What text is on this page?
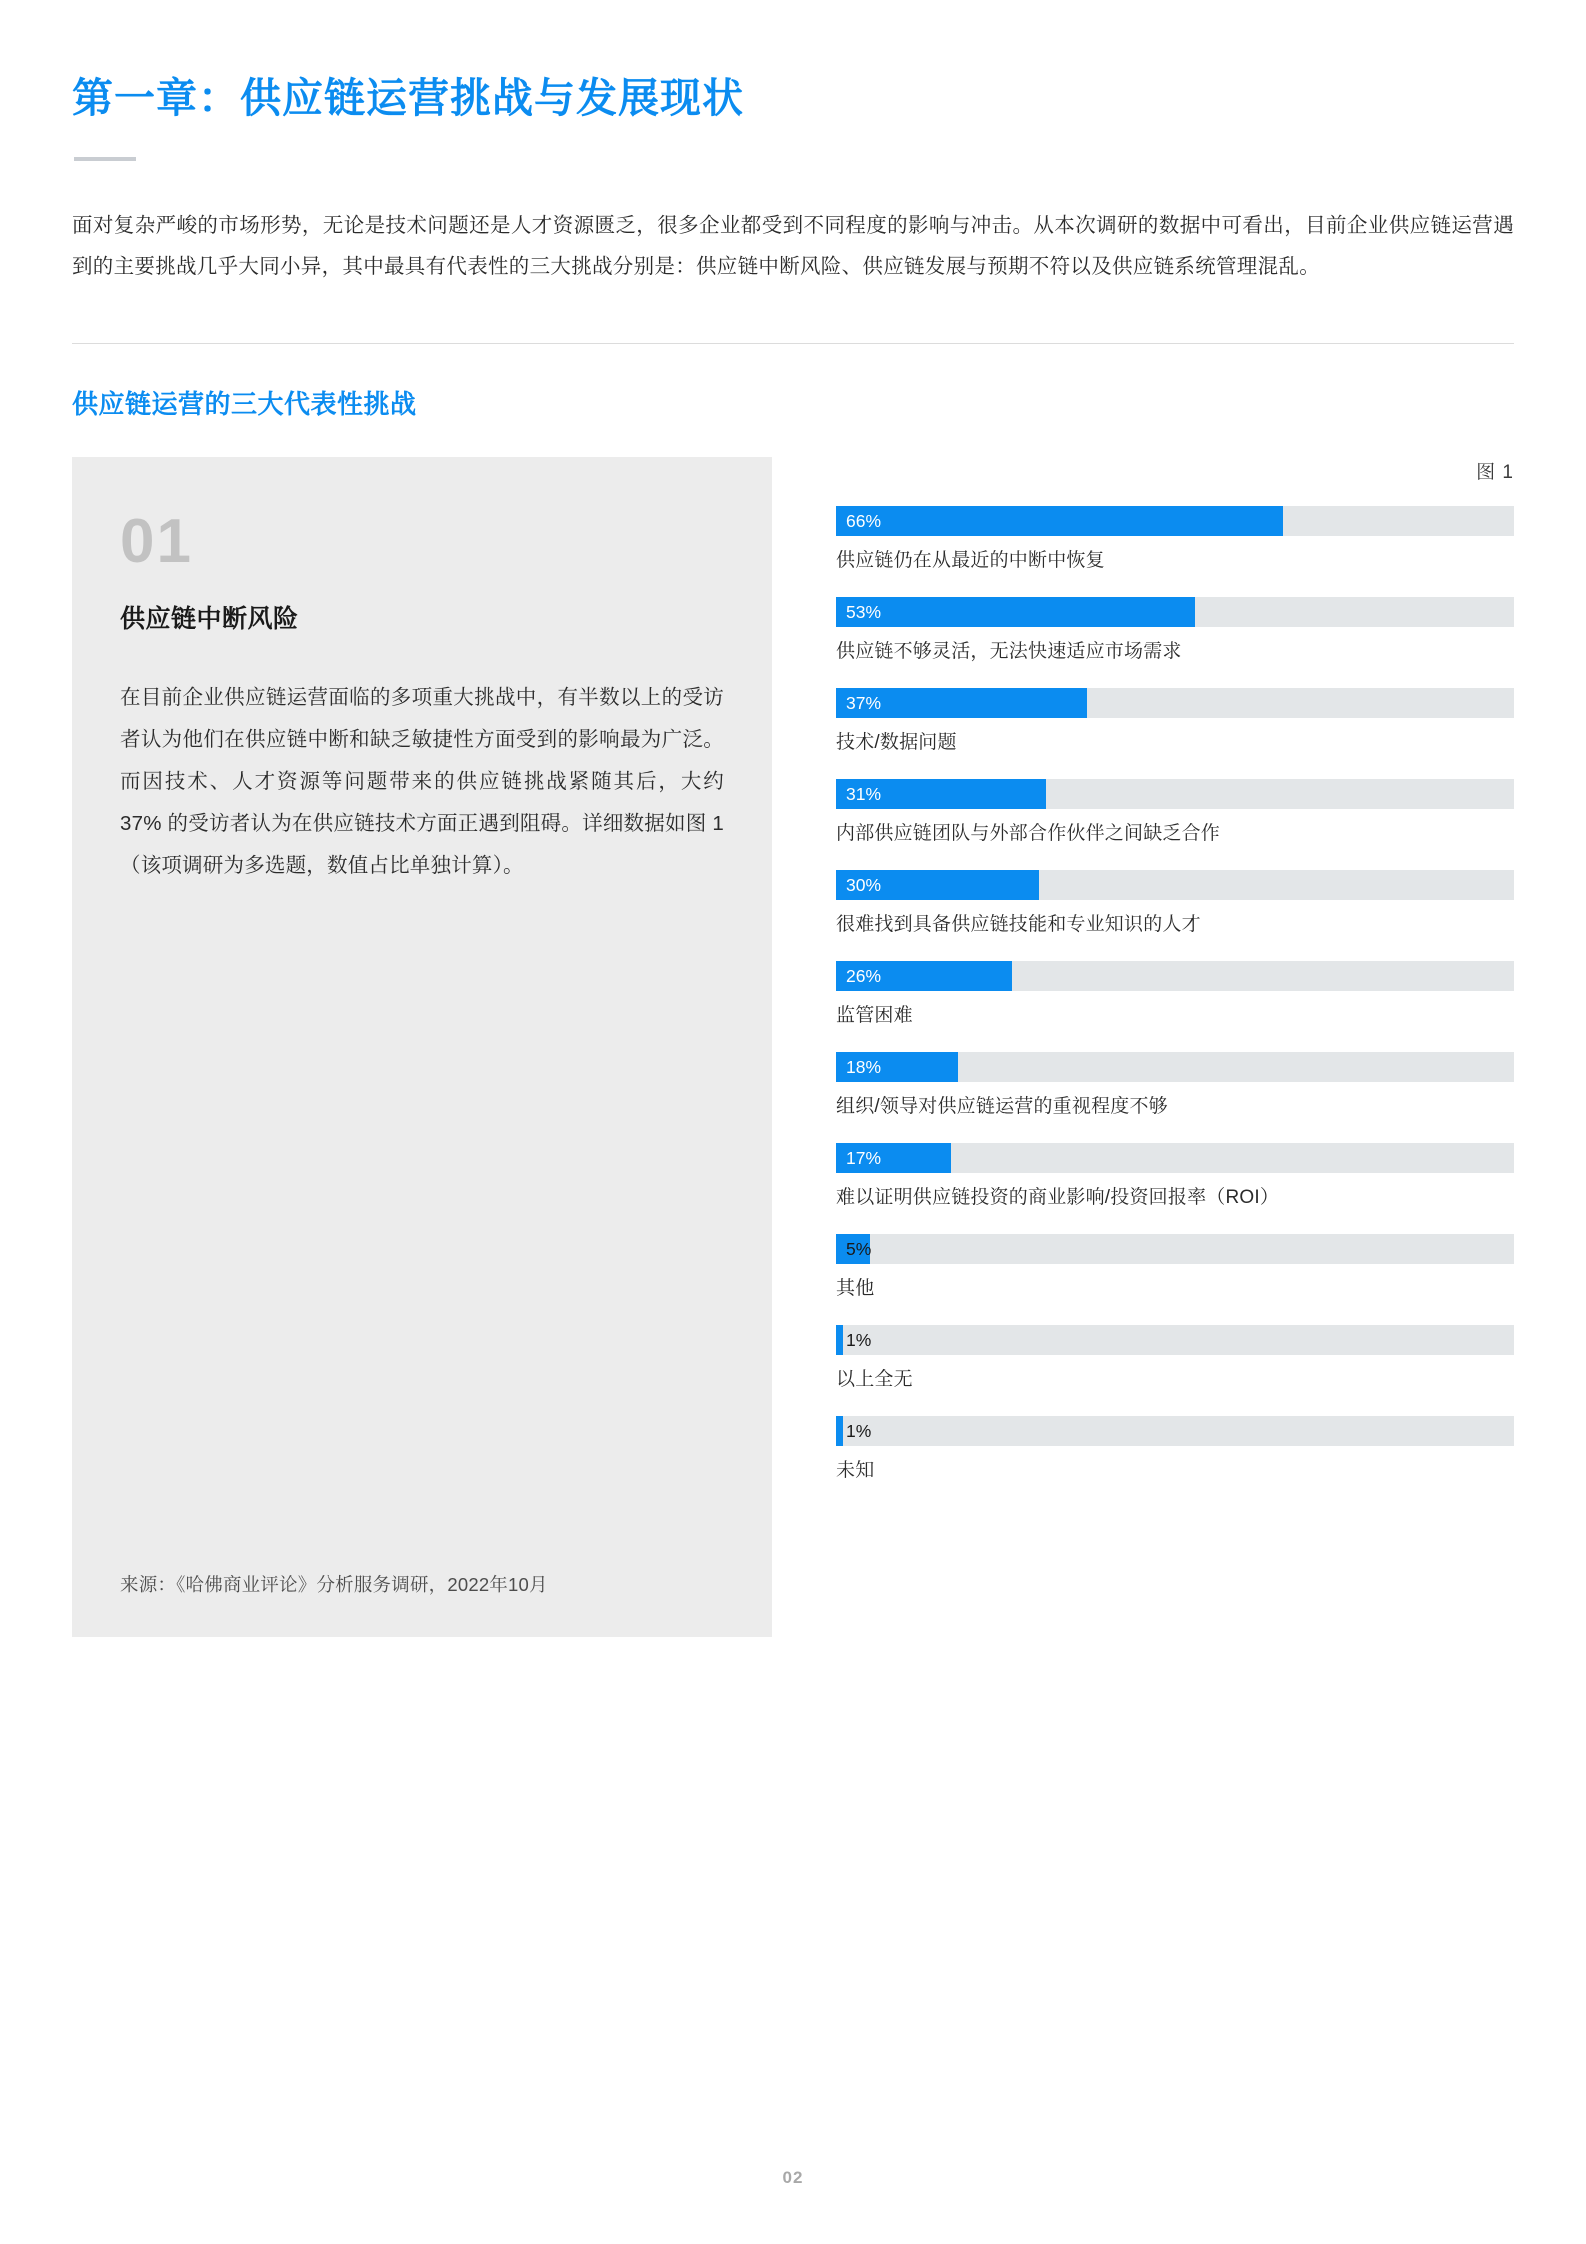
第一章：供应链运营挑战与发展现状

面对复杂严峻的市场形势，无论是技术问题还是人才资源匮乏，很多企业都受到不同程度的影响与冲击。从本次调研的数据中可看出，目前企业供应链运营遇到的主要挑战几乎大同小异，其中最具有代表性的三大挑战分别是：供应链中断风险、供应链发展与预期不符以及供应链系统管理混乱。

供应链运营的三大代表性挑战
01
供应链中断风险
在目前企业供应链运营面临的多项重大挑战中，有半数以上的受访者认为他们在供应链中断和缺乏敏捷性方面受到的影响最为广泛。而因技术、人才资源等问题带来的供应链挑战紧随其后，大约 37% 的受访者认为在供应链技术方面正遇到阻碍。详细数据如图 1（该项调研为多选题，数值占比单独计算）。
来源：《哈佛商业评论》分析服务调研，2022年10月
图 1
66%
供应链仍在从最近的中断中恢复
53%
供应链不够灵活，无法快速适应市场需求
37%
技术/数据问题
31%
内部供应链团队与外部合作伙伴之间缺乏合作
30%
很难找到具备供应链技能和专业知识的人才
26%
监管困难
18%
组织/领导对供应链运营的重视程度不够
17%
难以证明供应链投资的商业影响/投资回报率（ROI）
5%
其他
1%
以上全无
1%
未知
02
